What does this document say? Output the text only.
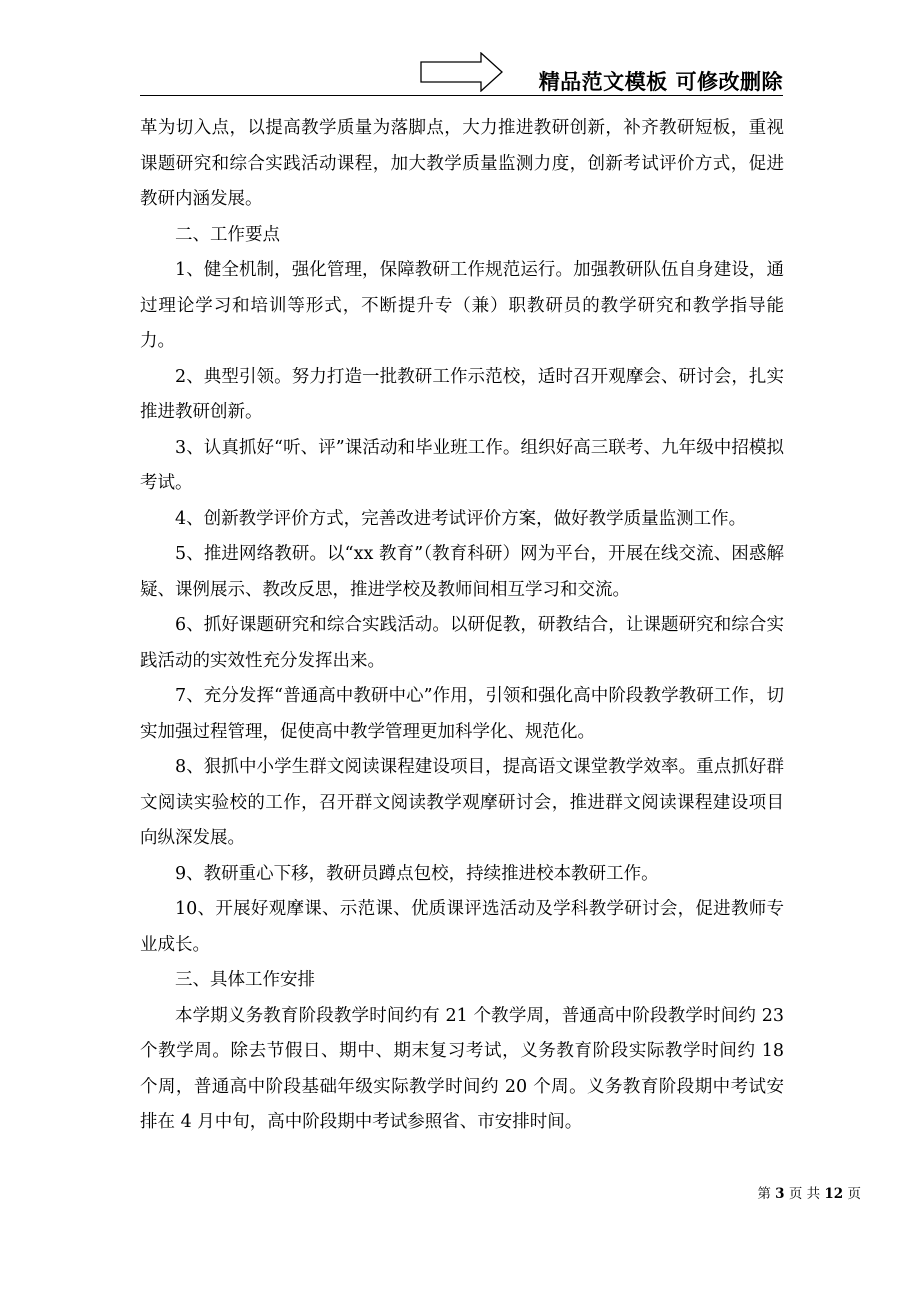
精品范文模板 可修改删除

革为切入点，以提高教学质量为落脚点，大力推进教研创新，补齐教研短板，重视课题研究和综合实践活动课程，加大教学质量监测力度，创新考试评价方式，促进教研内涵发展。

二、工作要点

1、健全机制，强化管理，保障教研工作规范运行。加强教研队伍自身建设，通过理论学习和培训等形式，不断提升专（兼）职教研员的教学研究和教学指导能力。

2、典型引领。努力打造一批教研工作示范校，适时召开观摩会、研讨会，扎实推进教研创新。

3、认真抓好“听、评”课活动和毕业班工作。组织好高三联考、九年级中招模拟考试。

4、创新教学评价方式，完善改进考试评价方案，做好教学质量监测工作。

5、推进网络教研。以“xx 教育”（教育科研）网为平台，开展在线交流、困惑解疑、课例展示、教改反思，推进学校及教师间相互学习和交流。

6、抓好课题研究和综合实践活动。以研促教，研教结合，让课题研究和综合实践活动的实效性充分发挥出来。

7、充分发挥“普通高中教研中心”作用，引领和强化高中阶段教学教研工作，切实加强过程管理，促使高中教学管理更加科学化、规范化。

8、狠抓中小学生群文阅读课程建设项目，提高语文课堂教学效率。重点抓好群文阅读实验校的工作，召开群文阅读教学观摩研讨会，推进群文阅读课程建设项目向纵深发展。

9、教研重心下移，教研员蹲点包校，持续推进校本教研工作。

10、开展好观摩课、示范课、优质课评选活动及学科教学研讨会，促进教师专业成长。

三、具体工作安排

本学期义务教育阶段教学时间约有 21 个教学周，普通高中阶段教学时间约 23 个教学周。除去节假日、期中、期末复习考试，义务教育阶段实际教学时间约 18 个周，普通高中阶段基础年级实际教学时间约 20 个周。义务教育阶段期中考试安排在 4 月中旬，高中阶段期中考试参照省、市安排时间。

第 3 页 共 12 页
